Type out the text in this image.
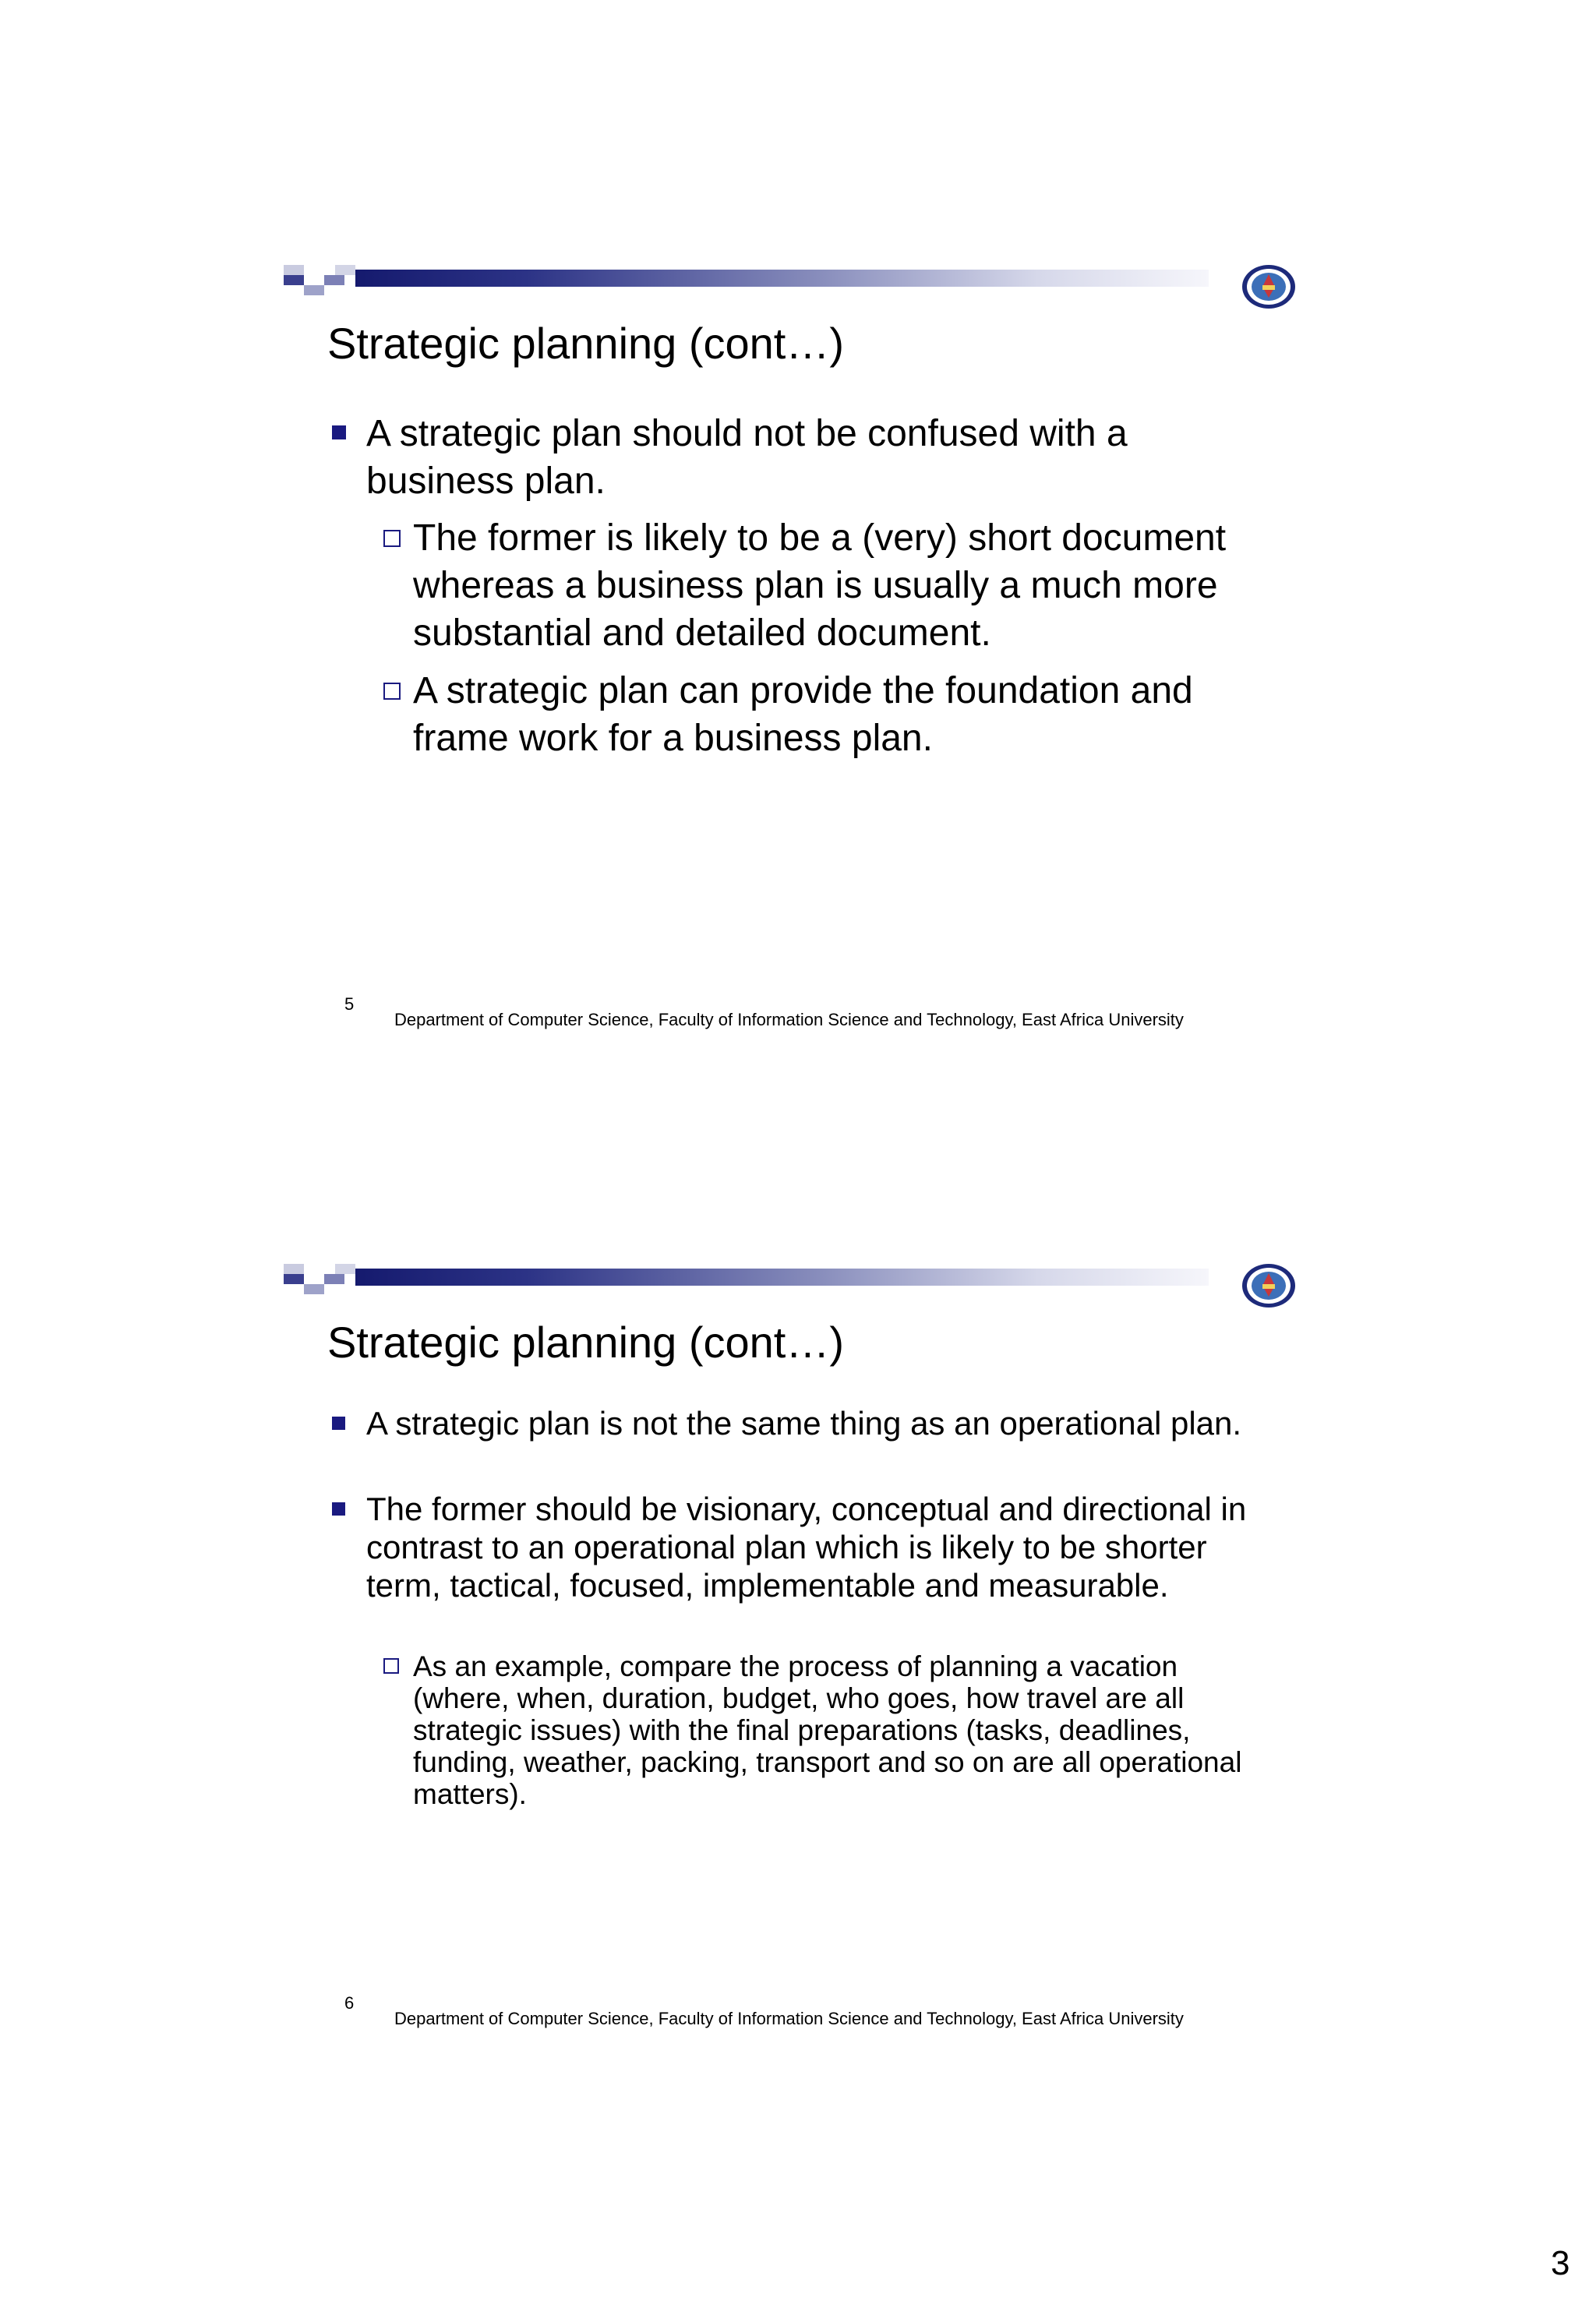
Strategic planning (cont…)
A strategic plan should not be confused with a business plan.
The former is likely to be a (very) short document whereas a business plan is usually a much more substantial and detailed document.
A strategic plan can provide the foundation and frame work for a business plan.
5
Department of Computer Science, Faculty of Information Science and Technology, East Africa University
Strategic planning (cont…)
A strategic plan is not the same thing as an operational plan.
The former should be visionary, conceptual and directional in contrast to an operational plan which is likely to be shorter term, tactical, focused, implementable and measurable.
As an example, compare the process of planning a vacation (where, when, duration, budget, who goes, how travel are all strategic issues) with the final preparations (tasks, deadlines, funding, weather, packing, transport and so on are all operational matters).
6
Department of Computer Science, Faculty of Information Science and Technology, East Africa University
3
